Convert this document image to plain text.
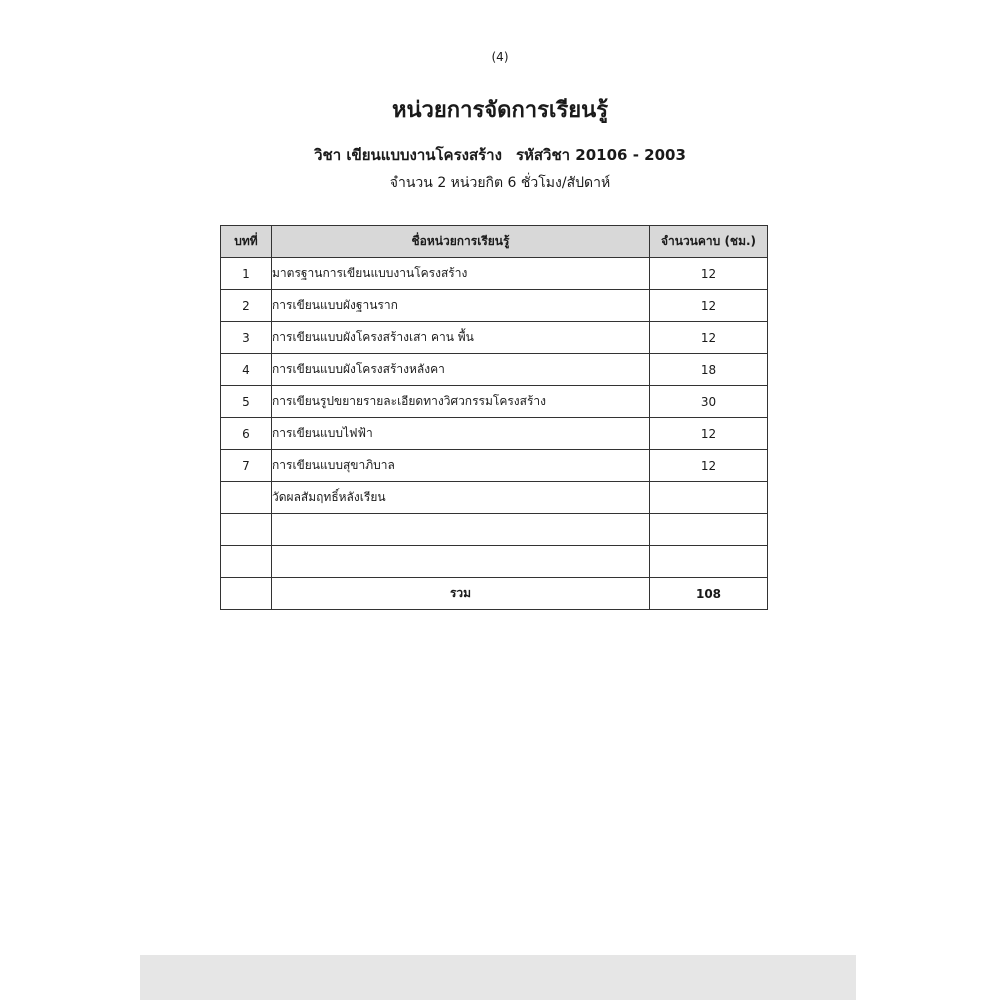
(4)
หน่วยการจัดการเรียนรู้
วิชา เขียนแบบงานโครงสร้าง รหัสวิชา 20106 - 2003
จำนวน 2 หน่วยกิต 6 ชั่วโมง/สัปดาห์
บทที่	ชื่อหน่วยการเรียนรู้	จำนวนคาบ (ชม.)
1	มาตรฐานการเขียนแบบงานโครงสร้าง	12
2	การเขียนแบบผังฐานราก	12
3	การเขียนแบบผังโครงสร้างเสา คาน พื้น	12
4	การเขียนแบบผังโครงสร้างหลังคา	18
5	การเขียนรูปขยายรายละเอียดทางวิศวกรรมโครงสร้าง	30
6	การเขียนแบบไฟฟ้า	12
7	การเขียนแบบสุขาภิบาล	12
	วัดผลสัมฤทธิ์หลังเรียน	

	รวม	108
